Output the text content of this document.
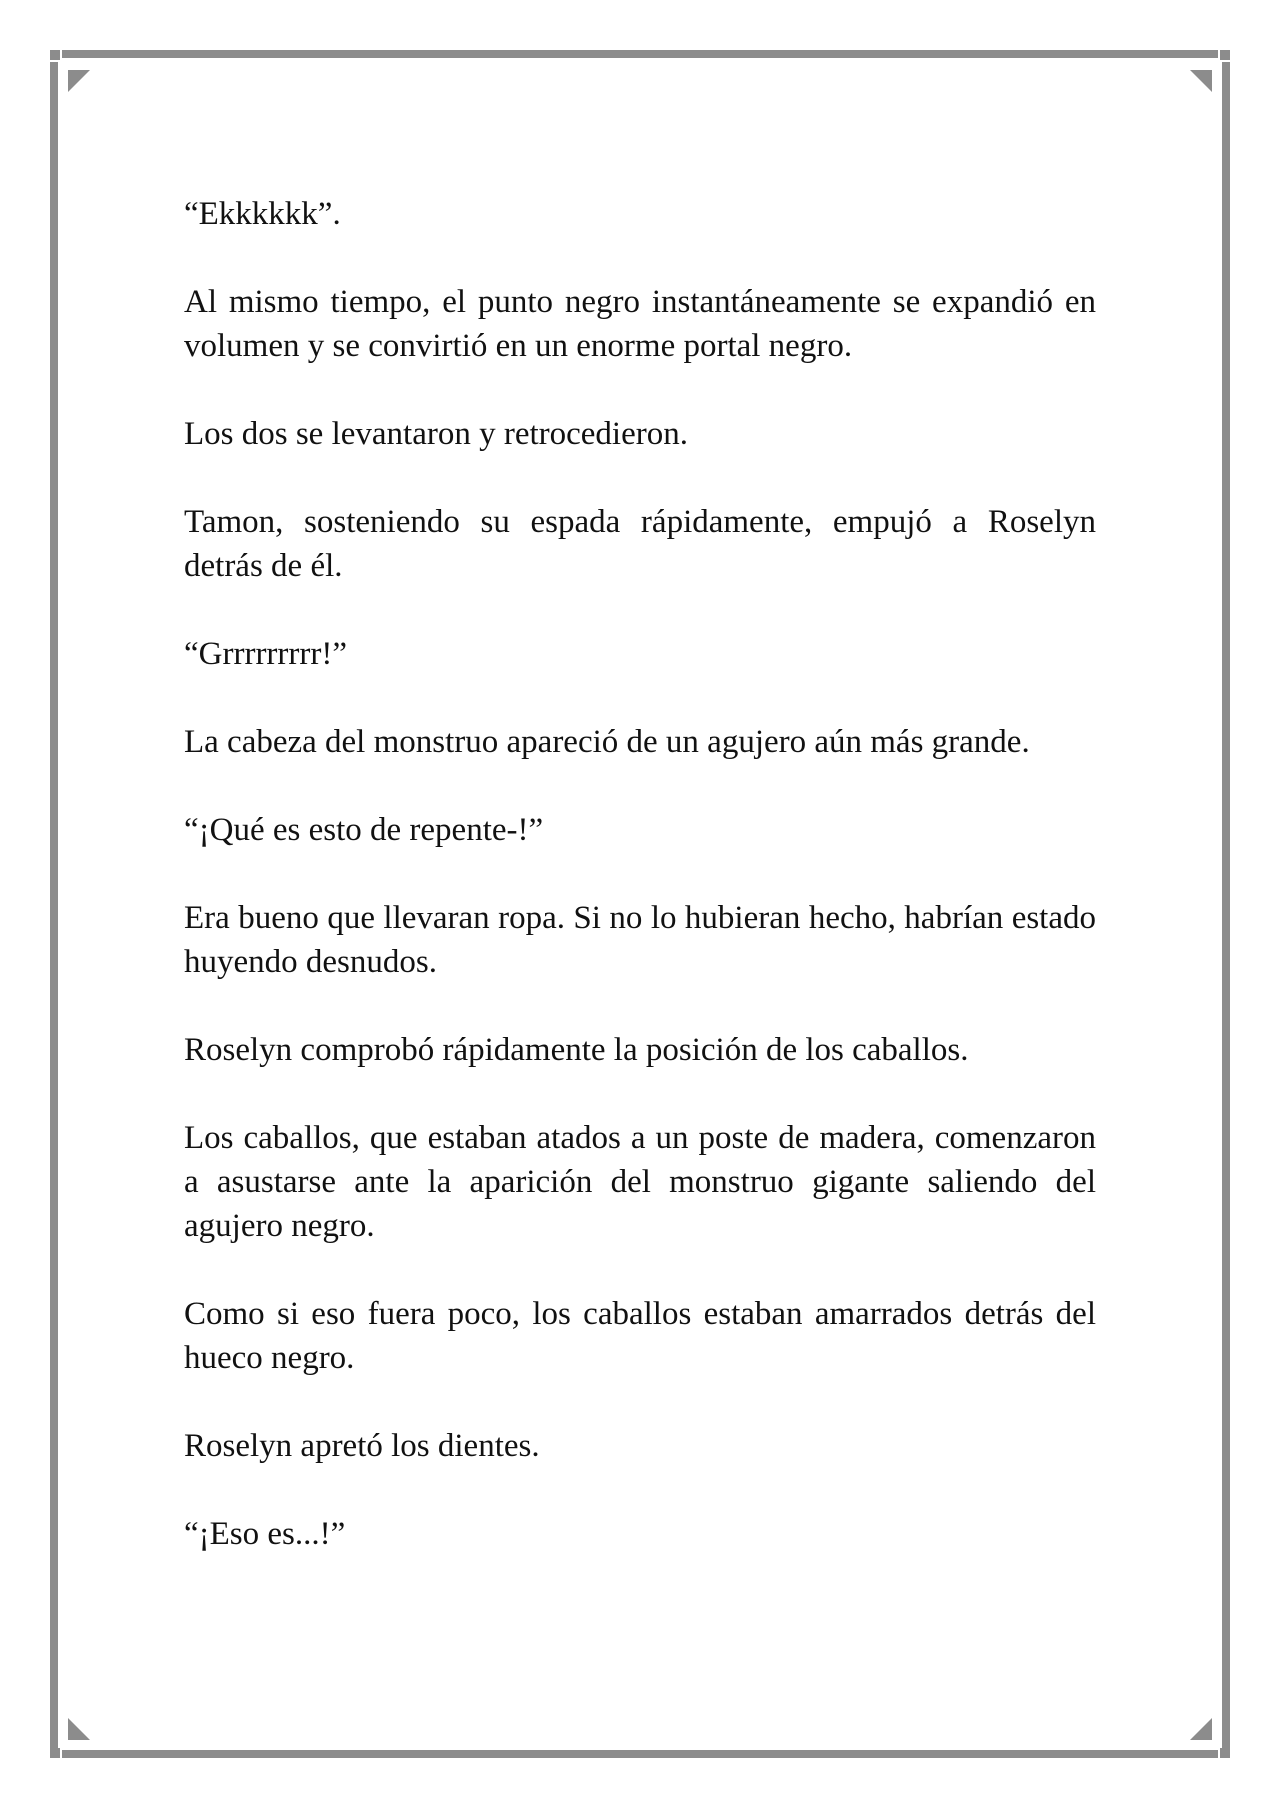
“Ekkkkkk”.

Al mismo tiempo, el punto negro instantáneamente se expandió en volumen y se convirtió en un enorme portal negro.

Los dos se levantaron y retrocedieron.

Tamon, sosteniendo su espada rápidamente, empujó a Roselyn detrás de él.

“Grrrrrrrrr!”

La cabeza del monstruo apareció de un agujero aún más grande.

“¡Qué es esto de repente-!”

Era bueno que llevaran ropa. Si no lo hubieran hecho, habrían estado huyendo desnudos.

Roselyn comprobó rápidamente la posición de los caballos.

Los caballos, que estaban atados a un poste de madera, comenzaron a asustarse ante la aparición del monstruo gigante saliendo del agujero negro.

Como si eso fuera poco, los caballos estaban amarrados detrás del hueco negro.

Roselyn apretó los dientes.

“¡Eso es...!”
